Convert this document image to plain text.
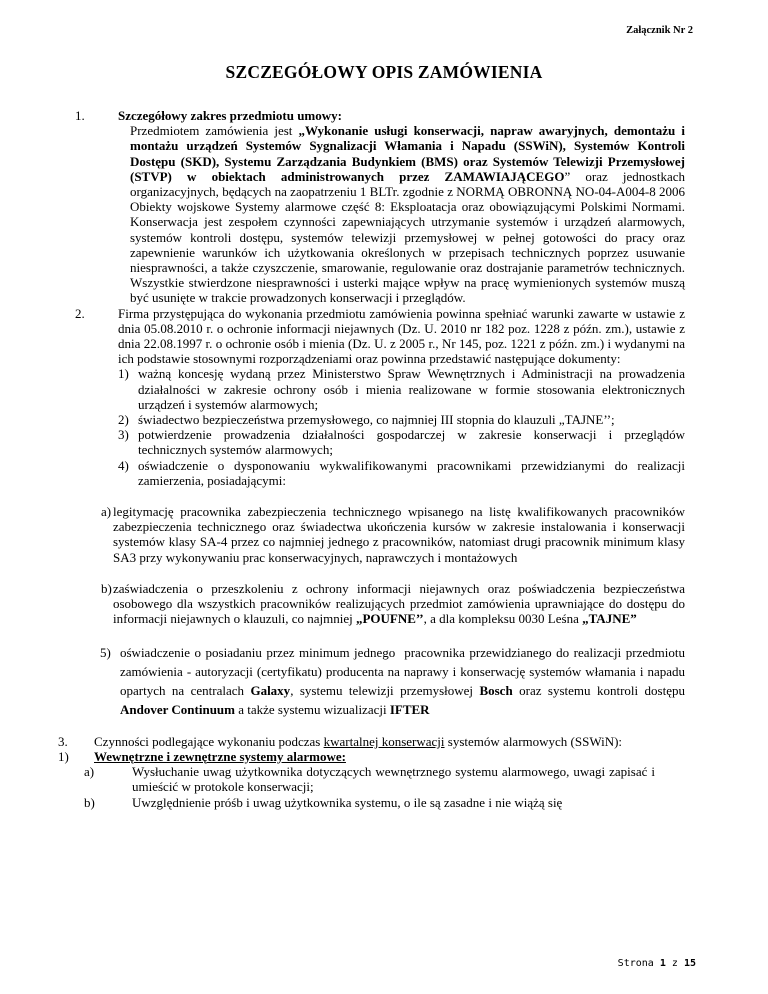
Załącznik Nr 2
SZCZEGÓŁOWY OPIS ZAMÓWIENIA
1.	Szczegółowy zakres przedmiotu umowy:
Przedmiotem zamówienia jest „Wykonanie usługi konserwacji, napraw awaryjnych, demontażu i montażu urządzeń Systemów Sygnalizacji Włamania i Napadu (SSWiN), Systemów Kontroli Dostępu (SKD), Systemu Zarządzania Budynkiem (BMS) oraz Systemów Telewizji Przemysłowej (STVP) w obiektach administrowanych przez ZAMAWIAJĄCEGO” oraz jednostkach organizacyjnych, będących na zaopatrzeniu 1 BLTr. zgodnie z NORMĄ OBRONNĄ NO-04-A004-8 2006 Obiekty wojskowe Systemy alarmowe część 8: Eksploatacja oraz obowiązującymi Polskimi Normami. Konserwacja jest zespołem czynności zapewniających utrzymanie systemów i urządzeń alarmowych, systemów kontroli dostępu, systemów telewizji przemysłowej w pełnej gotowości do pracy oraz zapewnienie warunków ich użytkowania określonych w przepisach technicznych poprzez usuwanie niesprawności, a także czyszczenie, smarowanie, regulowanie oraz dostrajanie parametrów technicznych. Wszystkie stwierdzone niesprawności i usterki mające wpływ na pracę wymienionych systemów muszą być usunięte w trakcie prowadzonych konserwacji i przeglądów.
2.	Firma przystępująca do wykonania przedmiotu zamówienia powinna spełniać warunki zawarte w ustawie z dnia 05.08.2010 r. o ochronie informacji niejawnych (Dz. U. 2010 nr 182 poz. 1228 z późn. zm.), ustawie z dnia 22.08.1997 r. o ochronie osób i mienia (Dz. U. z 2005 r., Nr 145, poz. 1221 z późn. zm.) i wydanymi na ich podstawie stosownymi rozporządzeniami oraz powinna przedstawić następujące dokumenty:
1) ważną koncesję wydaną przez Ministerstwo Spraw Wewnętrznych i Administracji na prowadzenia działalności w zakresie ochrony osób i mienia realizowane w formie stosowania elektronicznych urządzeń i systemów alarmowych;
2) świadectwo bezpieczeństwa przemysłowego, co najmniej III stopnia do klauzuli „TAJNE’’;
3) potwierdzenie prowadzenia działalności gospodarczej w zakresie konserwacji i przeglądów technicznych systemów alarmowych;
4) oświadczenie o dysponowaniu wykwalifikowanymi pracownikami przewidzianymi do realizacji zamierzenia, posiadającymi:
a) legitymację pracownika zabezpieczenia technicznego wpisanego na listę kwalifikowanych pracowników zabezpieczenia technicznego oraz świadectwa ukończenia kursów w zakresie instalowania i konserwacji systemów klasy SA-4 przez co najmniej jednego z pracowników, natomiast drugi pracownik minimum klasy SA3 przy wykonywaniu prac konserwacyjnych, naprawczych i montażowych
b) zaświadczenia o przeszkoleniu z ochrony informacji niejawnych oraz poświadczenia bezpieczeństwa osobowego dla wszystkich pracowników realizujących przedmiot zamówienia uprawniające do dostępu do informacji niejawnych o klauzuli, co najmniej „POUFNE’’, a dla kompleksu 0030 Leśna „TAJNE”
5) oświadczenie o posiadaniu przez minimum jednego pracownika przewidzianego do realizacji przedmiotu zamówienia - autoryzacji (certyfikatu) producenta na naprawy i konserwację systemów włamania i napadu opartych na centralach Galaxy, systemu telewizji przemysłowej Bosch oraz systemu kontroli dostępu Andover Continuum a także systemu wizualizacji IFTER
3. Czynności podlegające wykonaniu podczas kwartalnej konserwacji systemów alarmowych (SSWiN):
1) Wewnętrzne i zewnętrzne systemy alarmowe:
a)	Wysłuchanie uwag użytkownika dotyczących wewnętrznego systemu alarmowego, uwagi zapisać i umieścić w protokole konserwacji;
b)	Uwzględnienie próśb i uwag użytkownika systemu, o ile są zasadne i nie wiążą się
Strona 1 z 15
